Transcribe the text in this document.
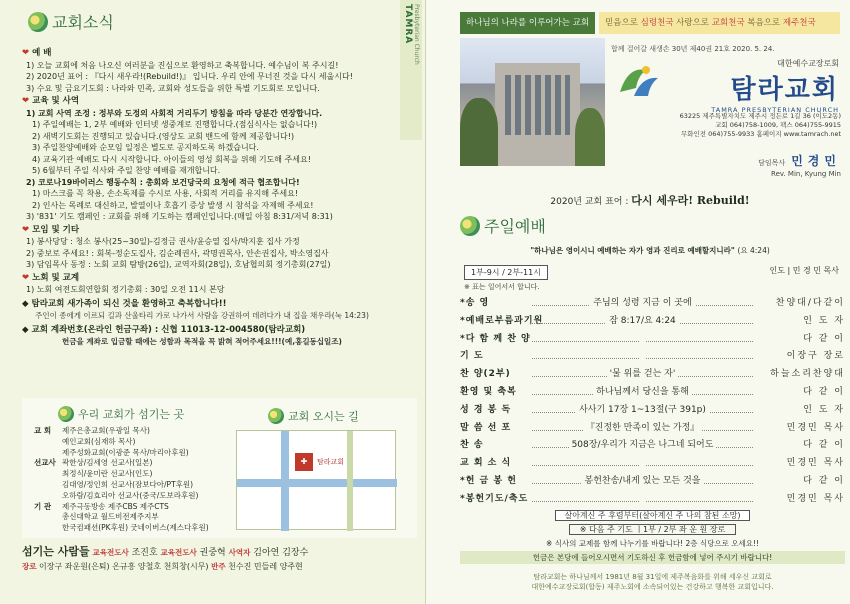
교회소식
❤ 예 배
1) 오늘 교회에 처음 나오신 여러분을 진심으로 환영하고 축복합니다. 예수님이 복 주시길!
2) 2020년 표어 : 『다시 새우라!(Rebuild!)』 입니다. 우리 안에 무너진 것을 다시 세웁시다!
3) 수요 및 금요기도회 : 나라와 민족, 교회와 성도들을 위한 특별 기도회로 모입니다.
❤ 교육 및 사역
1) 교회 사역 조정 : 정부와 도정의 사회적 거리두기 방침을 따라 당분간 연장합니다.
1) 주일예배는 1, 2부 예배와 인터넷 생중계로 진행합니다.(점심식사는 없습니다!)
2) 새벽기도회는 진행되고 있습니다.(영상도 교회 밴드에 함께 제공합니다!)
3) 주일찬양예배와 순모임 일정은 별도로 공지하도록 하겠습니다.
4) 교육기관 예배도 다시 시작합니다. 아이들의 영성 회복을 위해 기도해 주세요!
5) 6월부터 주일 식사와 주일 찬양 예배를 재개합니다.
2) 코로나19바이러스 행동수칙 : 총회와 보건당국의 요청에 적극 협조합니다!
1) 마스크를 꼭 착용, 손소독제를 수시로 사용, 사회적 거리를 유지해 주세요!
2) 인사는 목례로 대신하고, 발열이나 호흡기 증상 발생 시 참석을 자제해 주세요!
3) '831' 기도 캠페인 : 교회를 위해 기도하는 캠페인입니다.(매일 아침 8:31/저녁 8:31)
❤ 모임 및 기타
1) 봉사당당 : 청소 봉사(25~30일)-김정금 권사/윤승열 집사/박지훈 집사 가정
2) 중보로 주세요! : 회복-정순도집사, 김순례권사, 곽명권목사, 안손권집사, 박소영집사
3) 담임목사 동정 : 노회 교회 탐방(26일), 교역자회(28일), 호남협의회 정기총회(27일)
❤ 노회 및 교계
1) 노회 여전도회연합회 정기총회 : 30일 오전 11시 본당
◆ 탐라교회 새가족이 되신 것을 환영하고 축복합니다!!
주인이 종에게 이르되 길과 산울타리 가로 나가서 사람을 강권하여 데려다가 내 집을 채우라(눅 14:23)
◆ 교회 계좌번호(온라인 헌금구좌) : 신협 11013-12-004580(탐라교회)
헌금을 계좌로 입금할 때에는 성함과 목적을 꼭 밝혀 적어주세요!!!(예,홍길동십일조)
우리 교회가 섬기는 곳
교 회 제주은총교회(우광일 목사)
예인교회(심재하 목사)
제주성화교회(이광준 목사/마리아후원)
선교사 곽한상/김세영 선교사(일본)
최정식/윤미란 선교사(인도)
김대영/정인희 선교사(잠보다아/PT후원)
오하람/김효리아 선교사(중국/도보라후원)
기 관 제주극동방송 제주CBS 제주CTS
총신대학교 월드비전제주지부
한국컴패션(PK후원) 굿네이버스(제스다후원)
교회 오시는 길
✚	탐라교회
섬기는 사람들 교육전도사 조진호 교육전도사 권중혁 사역자 김아연 김장수
장로 이장구 좌운원(은퇴) 온규흥 양철호 천희창(시무) 반주 천수진 민들레 양주현
TAMRA Presbyterian Church	하나님의 나라를 이루어가는 교회	믿음으로 심령천국 사랑으로 교회천국 복음으로 제주천국
합께 걸어갈 새생손 30년 제40권 21호 2020. 5. 24.
대한예수교장로회
탐라교회
TAMRA PRESBYTERIAN CHURCH
63225 제주특별자치도 제주시 정든로 1길 36 (이도2동)
교회 064)758-1009, 팩스 064)755-9915
무화인전 064)755-9933 홈페이지 www.tamrach.net
담임목사 민경민
Rev. Min, Kyung Min
2020년 교회 표어 : 다시 세우라! Rebuild!
주일예배
"하나님은 영이시니 예배하는 자가 영과 진리로 예배할지니라" (요 4:24)
1부-9시 / 2부-11시	인도 | 민 경 민 목사
※ 표는 일어서서 합니다.
*송 영	주님의 성령 지금 이 곳에	찬양대/다같이
*예배로부름과기원	잠 8:17/요 4:24	인 도 자
*다 함 께 찬 양	다 같 이
기 도	이장구 장로
찬 양(2부)	'물 위를 걷는 자'	하늘소리찬양대
환영 및 축복	하나님께서 당신을 통해	다 같 이
성 경 봉 독	사사기 17장 1~13절(구 391p)	인 도 자
말 씀 선 포	『진정한 만족이 있는 가정』	민경민 목사
찬 송	508장/우리가 지금은 나그네 되어도	다 같 이
교 회 소 식	민경민 목사
*헌 금 봉 헌	봉헌찬송/내게 있는 모든 것을	다 같 이
*봉헌기도/축도	민경민 목사
살아계신 주 후렴부터(살아계신 주 나의 참된 소망)
※ 다음 주 기도 ㅣ1부 / 2부 좌 운 원 장로
※ 식사의 교제를 함께 나누기를 바랍니다! 2층 식당으로 오세요!!
헌금은 본당에 들어오시면서 기도하신 후 헌금함에 넣어 주시기 바랍니다!
탐라교회는 하나님께서 1981년 8월 31일에 제주복음화를 위해 세우신 교회로
대한예수교장로회(합동) 제주노회에 소속되어있는 건강하고 행복한 교회입니다.
